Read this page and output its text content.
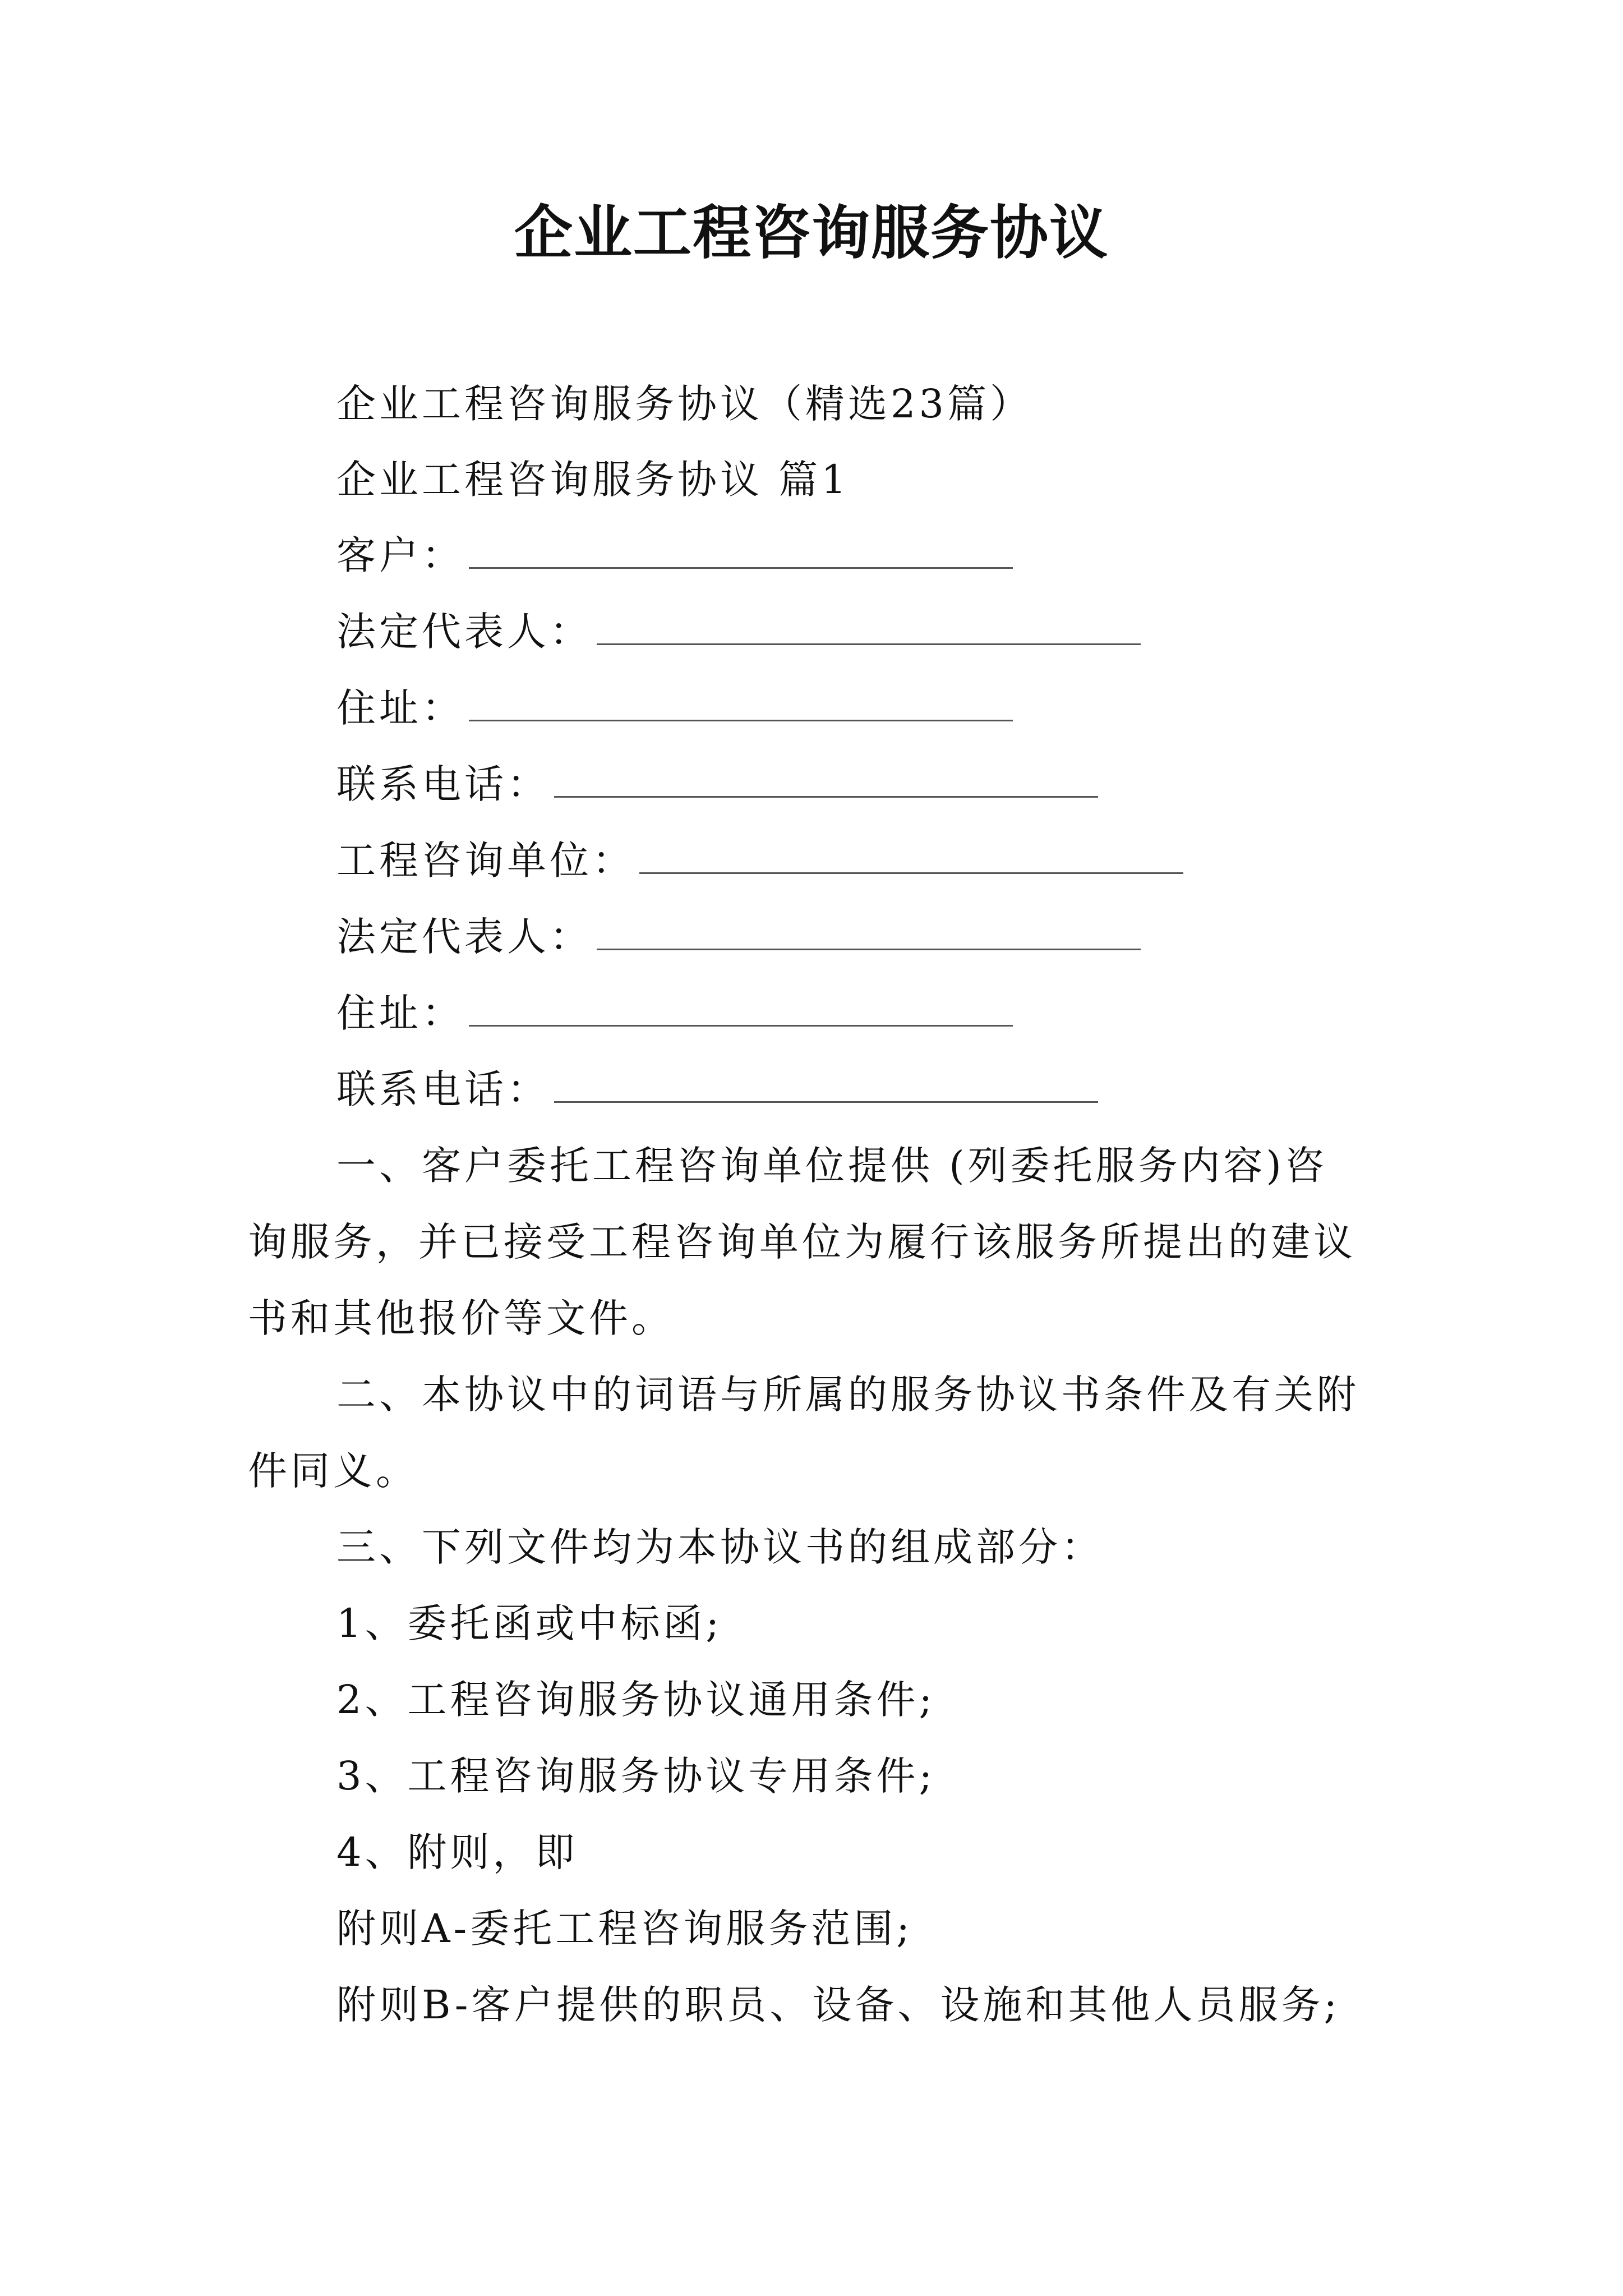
企业工程咨询服务协议
企业工程咨询服务协议（精选23篇）
企业工程咨询服务协议 篇1
客户：
法定代表人：
住址：
联系电话：
工程咨询单位：
法定代表人：
住址：
联系电话：
一、客户委托工程咨询单位提供 (列委托服务内容)咨
询服务，并已接受工程咨询单位为履行该服务所提出的建议
书和其他报价等文件。
二、本协议中的词语与所属的服务协议书条件及有关附
件同义。
三、下列文件均为本协议书的组成部分：
1、委托函或中标函;
2、工程咨询服务协议通用条件;
3、工程咨询服务协议专用条件;
4、附则，即
附则A-委托工程咨询服务范围;
附则B-客户提供的职员、设备、设施和其他人员服务;
